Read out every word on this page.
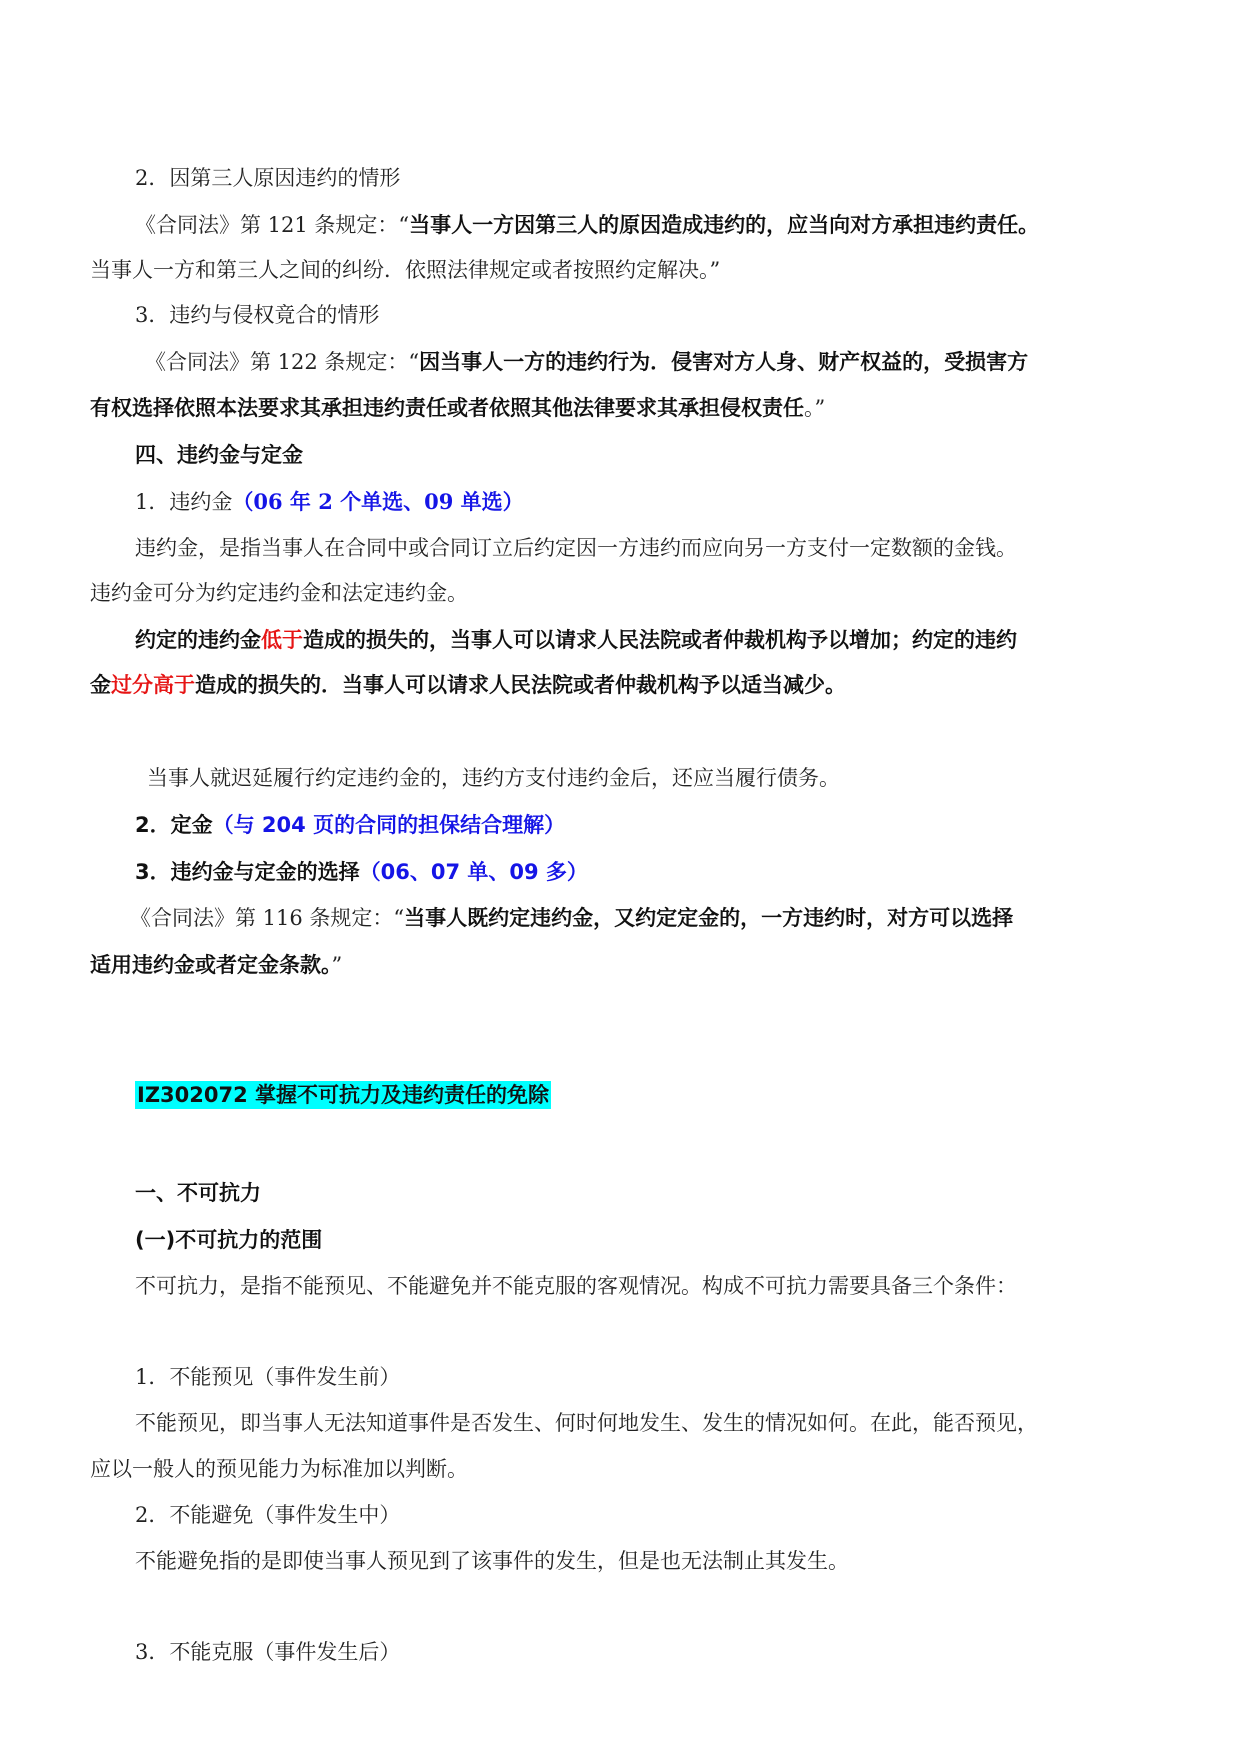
2．因第三人原因违约的情形
《合同法》第 121 条规定：“当事人一方因第三人的原因造成违约的，应当向对方承担违约责任。
当事人一方和第三人之间的纠纷．依照法律规定或者按照约定解决。”
3．违约与侵权竟合的情形
《合同法》第 122 条规定：“因当事人一方的违约行为．侵害对方人身、财产权益的，受损害方
有权选择依照本法要求其承担违约责任或者依照其他法律要求其承担侵权责任。”
四、违约金与定金
1．违约金（06 年 2 个单选、09 单选）
违约金，是指当事人在合同中或合同订立后约定因一方违约而应向另一方支付一定数额的金钱。
违约金可分为约定违约金和法定违约金。
约定的违约金低于造成的损失的，当事人可以请求人民法院或者仲裁机构予以增加；约定的违约
金过分高于造成的损失的．当事人可以请求人民法院或者仲裁机构予以适当减少。
当事人就迟延履行约定违约金的，违约方支付违约金后，还应当履行债务。
2．定金（与 204 页的合同的担保结合理解）
3．违约金与定金的选择（06、07 单、09 多）
《合同法》第 116 条规定：“当事人既约定违约金，又约定定金的，一方违约时，对方可以选择
适用违约金或者定金条款。”
IZ302072 掌握不可抗力及违约责任的免除
一、不可抗力
(一)不可抗力的范围
不可抗力，是指不能预见、不能避免并不能克服的客观情况。构成不可抗力需要具备三个条件：
1．不能预见（事件发生前）
不能预见，即当事人无法知道事件是否发生、何时何地发生、发生的情况如何。在此，能否预见，
应以一般人的预见能力为标准加以判断。
2．不能避免（事件发生中）
不能避免指的是即使当事人预见到了该事件的发生，但是也无法制止其发生。
3．不能克服（事件发生后）
